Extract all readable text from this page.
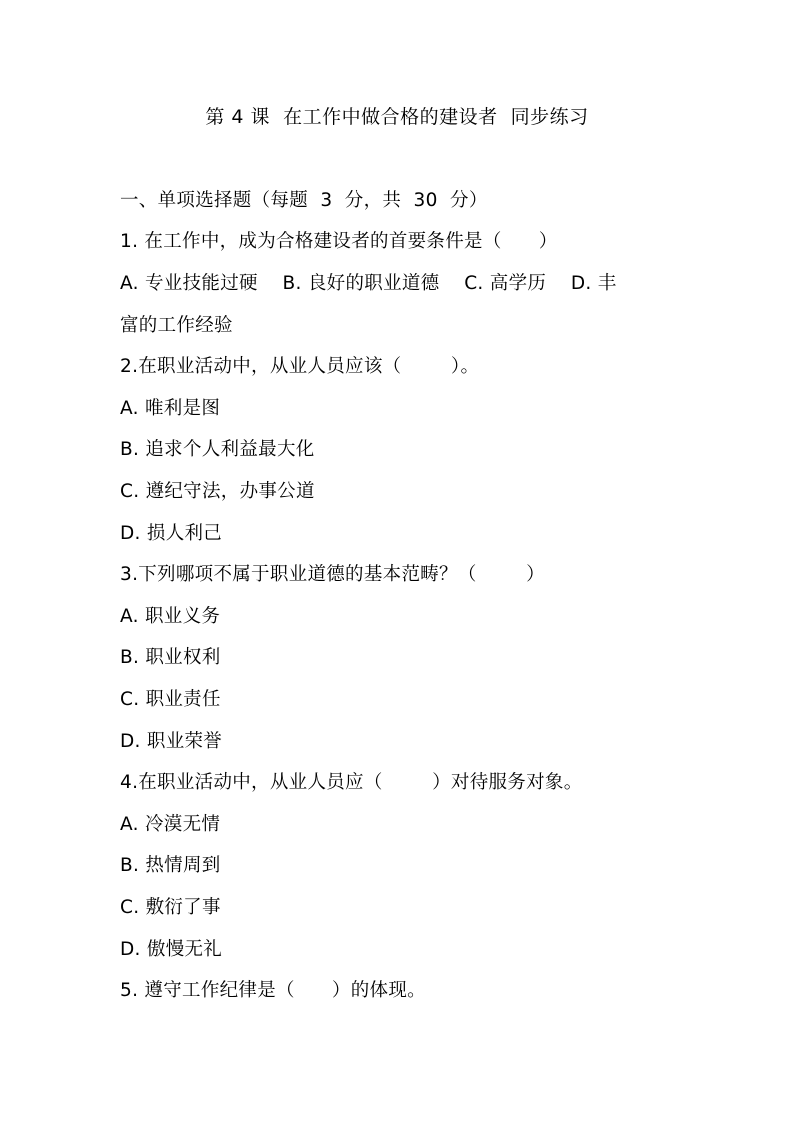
第 4 课  在工作中做合格的建设者  同步练习
一、单项选择题（每题  3  分，共  30  分）
1. 在工作中，成为合格建设者的首要条件是（      ）
A. 专业技能过硬    B. 良好的职业道德    C. 高学历    D. 丰
富的工作经验
2.在职业活动中，从业人员应该（        ）。
A. 唯利是图
B. 追求个人利益最大化
C. 遵纪守法，办事公道
D. 损人利己
3.下列哪项不属于职业道德的基本范畴？（        ）
A. 职业义务
B. 职业权利
C. 职业责任
D. 职业荣誉
4.在职业活动中，从业人员应（        ）对待服务对象。
A. 冷漠无情
B. 热情周到
C. 敷衍了事
D. 傲慢无礼
5. 遵守工作纪律是（      ）的体现。
